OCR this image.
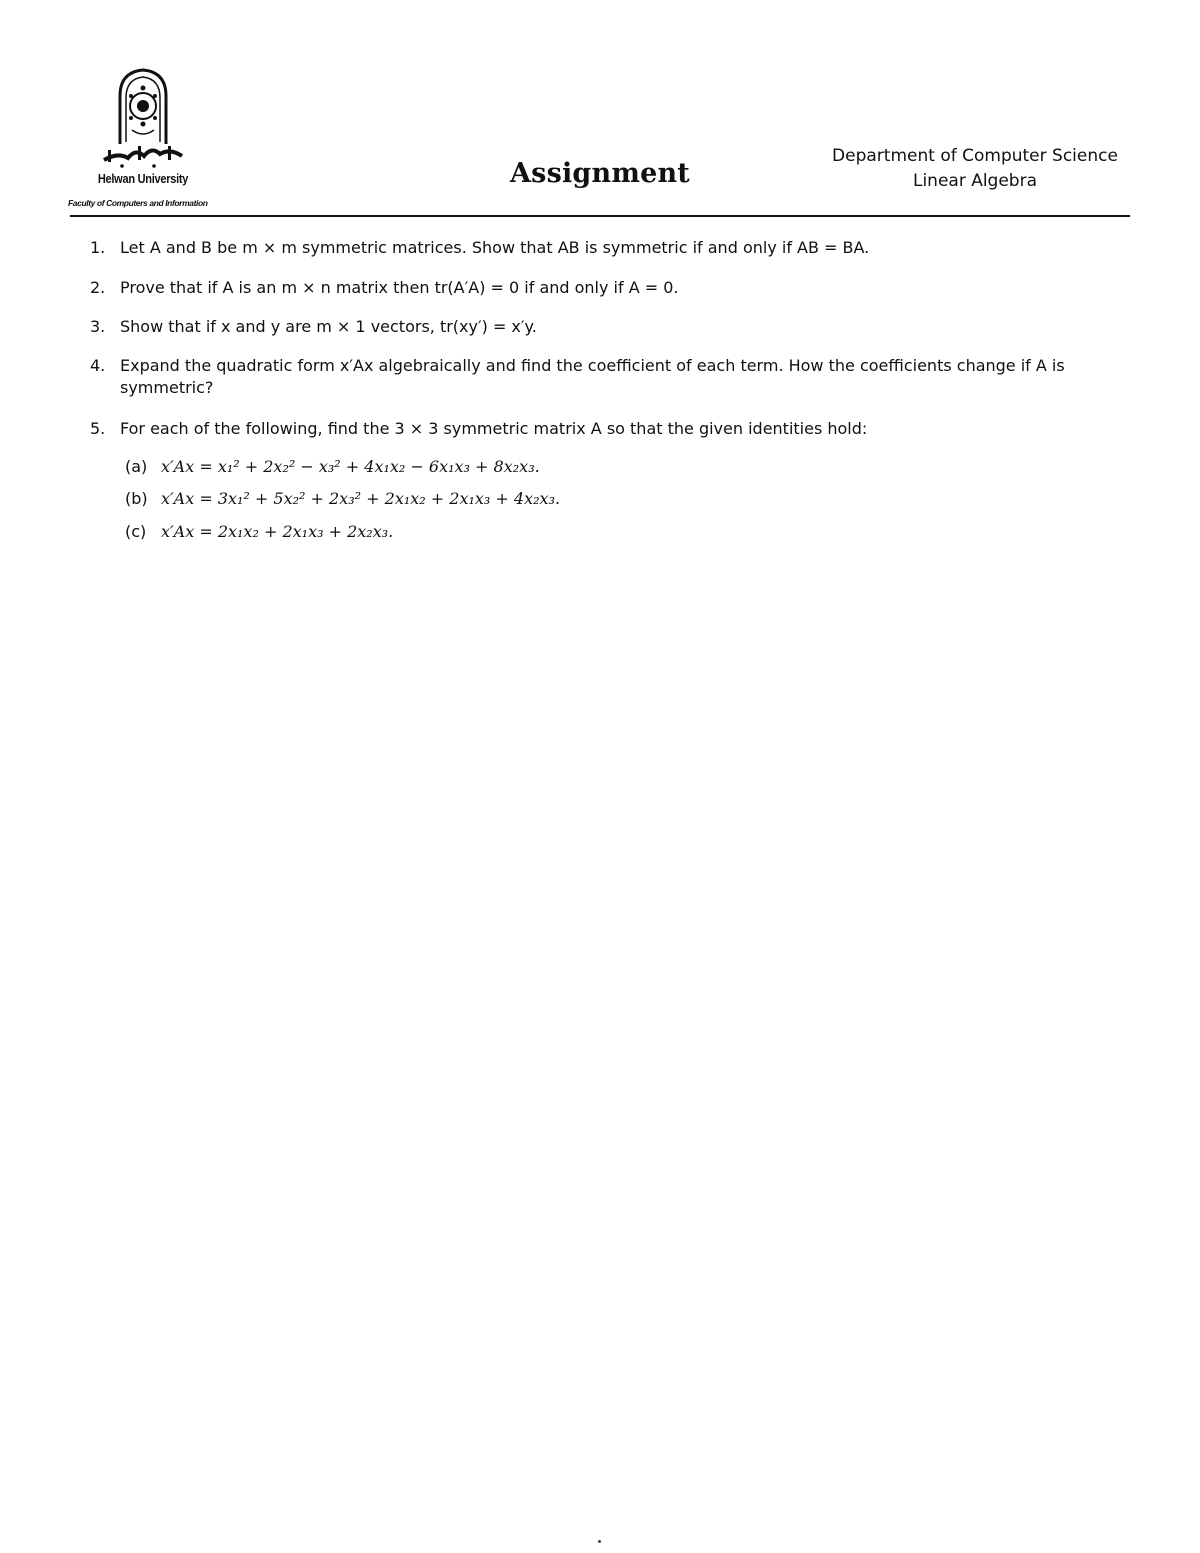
Helwan University
Faculty of Computers and Information
Assignment
Department of Computer Science
Linear Algebra
1. Let A and B be m × m symmetric matrices. Show that AB is symmetric if and only if AB = BA.
2. Prove that if A is an m × n matrix then tr(A′A) = 0 if and only if A = 0.
3. Show that if x and y are m × 1 vectors, tr(xy′) = x′y.
4. Expand the quadratic form x′Ax algebraically and find the coefficient of each term. How the coefficients change if A is symmetric?
5. For each of the following, find the 3 × 3 symmetric matrix A so that the given identities hold:
(a) x′Ax = x₁² + 2x₂² − x₃² + 4x₁x₂ − 6x₁x₃ + 8x₂x₃.
(b) x′Ax = 3x₁² + 5x₂² + 2x₃² + 2x₁x₂ + 2x₁x₃ + 4x₂x₃.
(c) x′Ax = 2x₁x₂ + 2x₁x₃ + 2x₂x₃.
